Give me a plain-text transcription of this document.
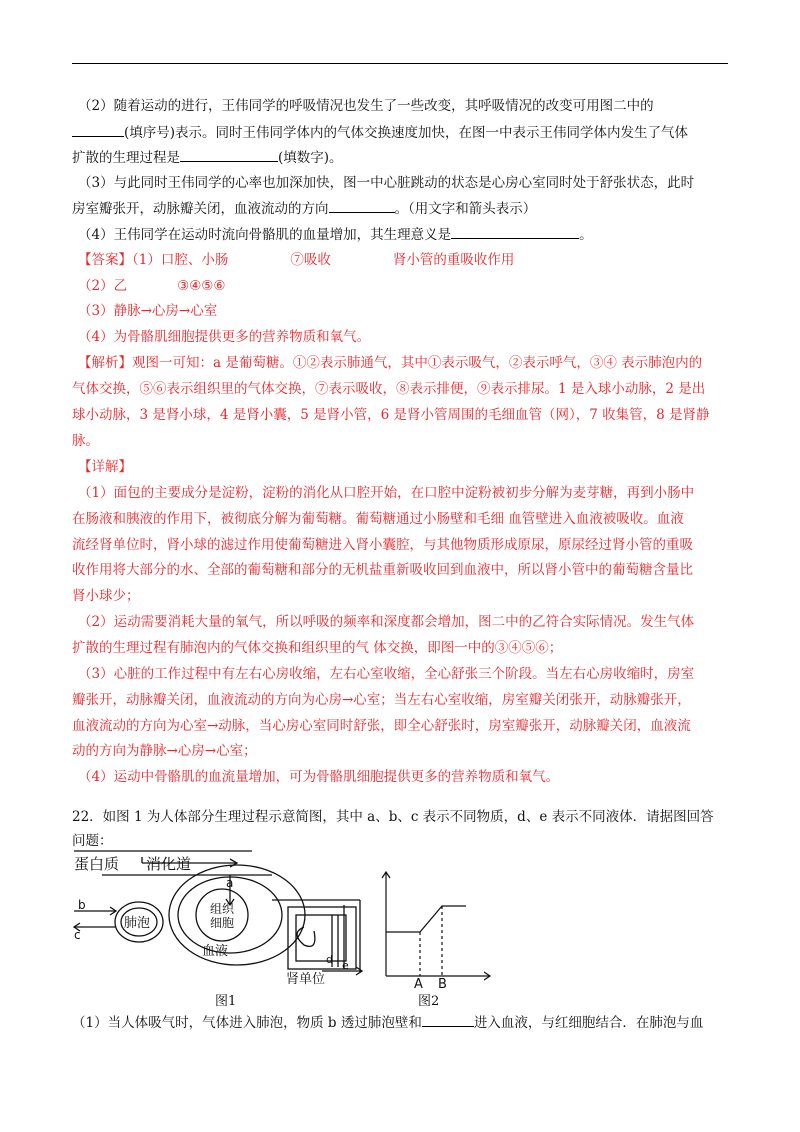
（2）随着运动的进行，王伟同学的呼吸情况也发生了一些改变，其呼吸情况的改变可用图二中的
(填序号)表示。同时王伟同学体内的气体交换速度加快，在图一中表示王伟同学体内发生了气体
扩散的生理过程是	(填数字)。
（3）与此同时王伟同学的心率也加深加快，图一中心脏跳动的状态是心房心室同时处于舒张状态，此时
房室瓣张开，动脉瓣关闭，血液流动的方向	。（用文字和箭头表示）
（4）王伟同学在运动时流向骨骼肌的血量增加，其生理意义是	。
【答案】（1）口腔、小肠	⑦吸收	肾小管的重吸收作用
（2）乙	③④⑤⑥
（3）静脉→心房→心室
（4）为骨骼肌细胞提供更多的营养物质和氧气。
【解析】观图一可知：a 是葡萄糖。①②表示肺通气，其中①表示吸气，②表示呼气，③④ 表示肺泡内的
气体交换，⑤⑥表示组织里的气体交换，⑦表示吸收，⑧表示排便，⑨表示排尿。1 是入球小动脉，2 是出
球小动脉，3 是肾小球，4 是肾小囊，5 是肾小管，6 是肾小管周围的毛细血管（网），7 收集管，8 是肾静
脉。
【详解】
（1）面包的主要成分是淀粉，淀粉的消化从口腔开始，在口腔中淀粉被初步分解为麦芽糖，再到小肠中
在肠液和胰液的作用下，被彻底分解为葡萄糖。葡萄糖通过小肠壁和毛细 血管壁进入血液被吸收。血液
流经肾单位时，肾小球的滤过作用使葡萄糖进入肾小囊腔，与其他物质形成原尿，原尿经过肾小管的重吸
收作用将大部分的水、全部的葡萄糖和部分的无机盐重新吸收回到血液中，所以肾小管中的葡萄糖含量比
肾小球少；
（2）运动需要消耗大量的氧气，所以呼吸的频率和深度都会增加，图二中的乙符合实际情况。发生气体
扩散的生理过程有肺泡内的气体交换和组织里的气 体交换，即图一中的③④⑤⑥；
（3）心脏的工作过程中有左右心房收缩，左右心室收缩，全心舒张三个阶段。当左右心房收缩时，房室
瓣张开，动脉瓣关闭，血液流动的方向为心房→心室；当左右心室收缩，房室瓣关闭张开，动脉瓣张开，
血液流动的方向为心室→动脉，当心房心室同时舒张，即全心舒张时，房室瓣张开，动脉瓣关闭，血液流
动的方向为静脉→心房→心室；
（4）运动中骨骼肌的血流量增加，可为骨骼肌细胞提供更多的营养物质和氧气。
22．如图 1 为人体部分生理过程示意简图，其中 a、b、c 表示不同物质，d、e 表示不同液体．请据图回答
问题：
蛋白质 消化道
肺泡
组织
细胞
血液
肾单位
a
b
c
d e
图1
A B
图2
（1）当人体吸气时，气体进入肺泡，物质 b 透过肺泡壁和	进入血液，与红细胞结合．在肺泡与血
